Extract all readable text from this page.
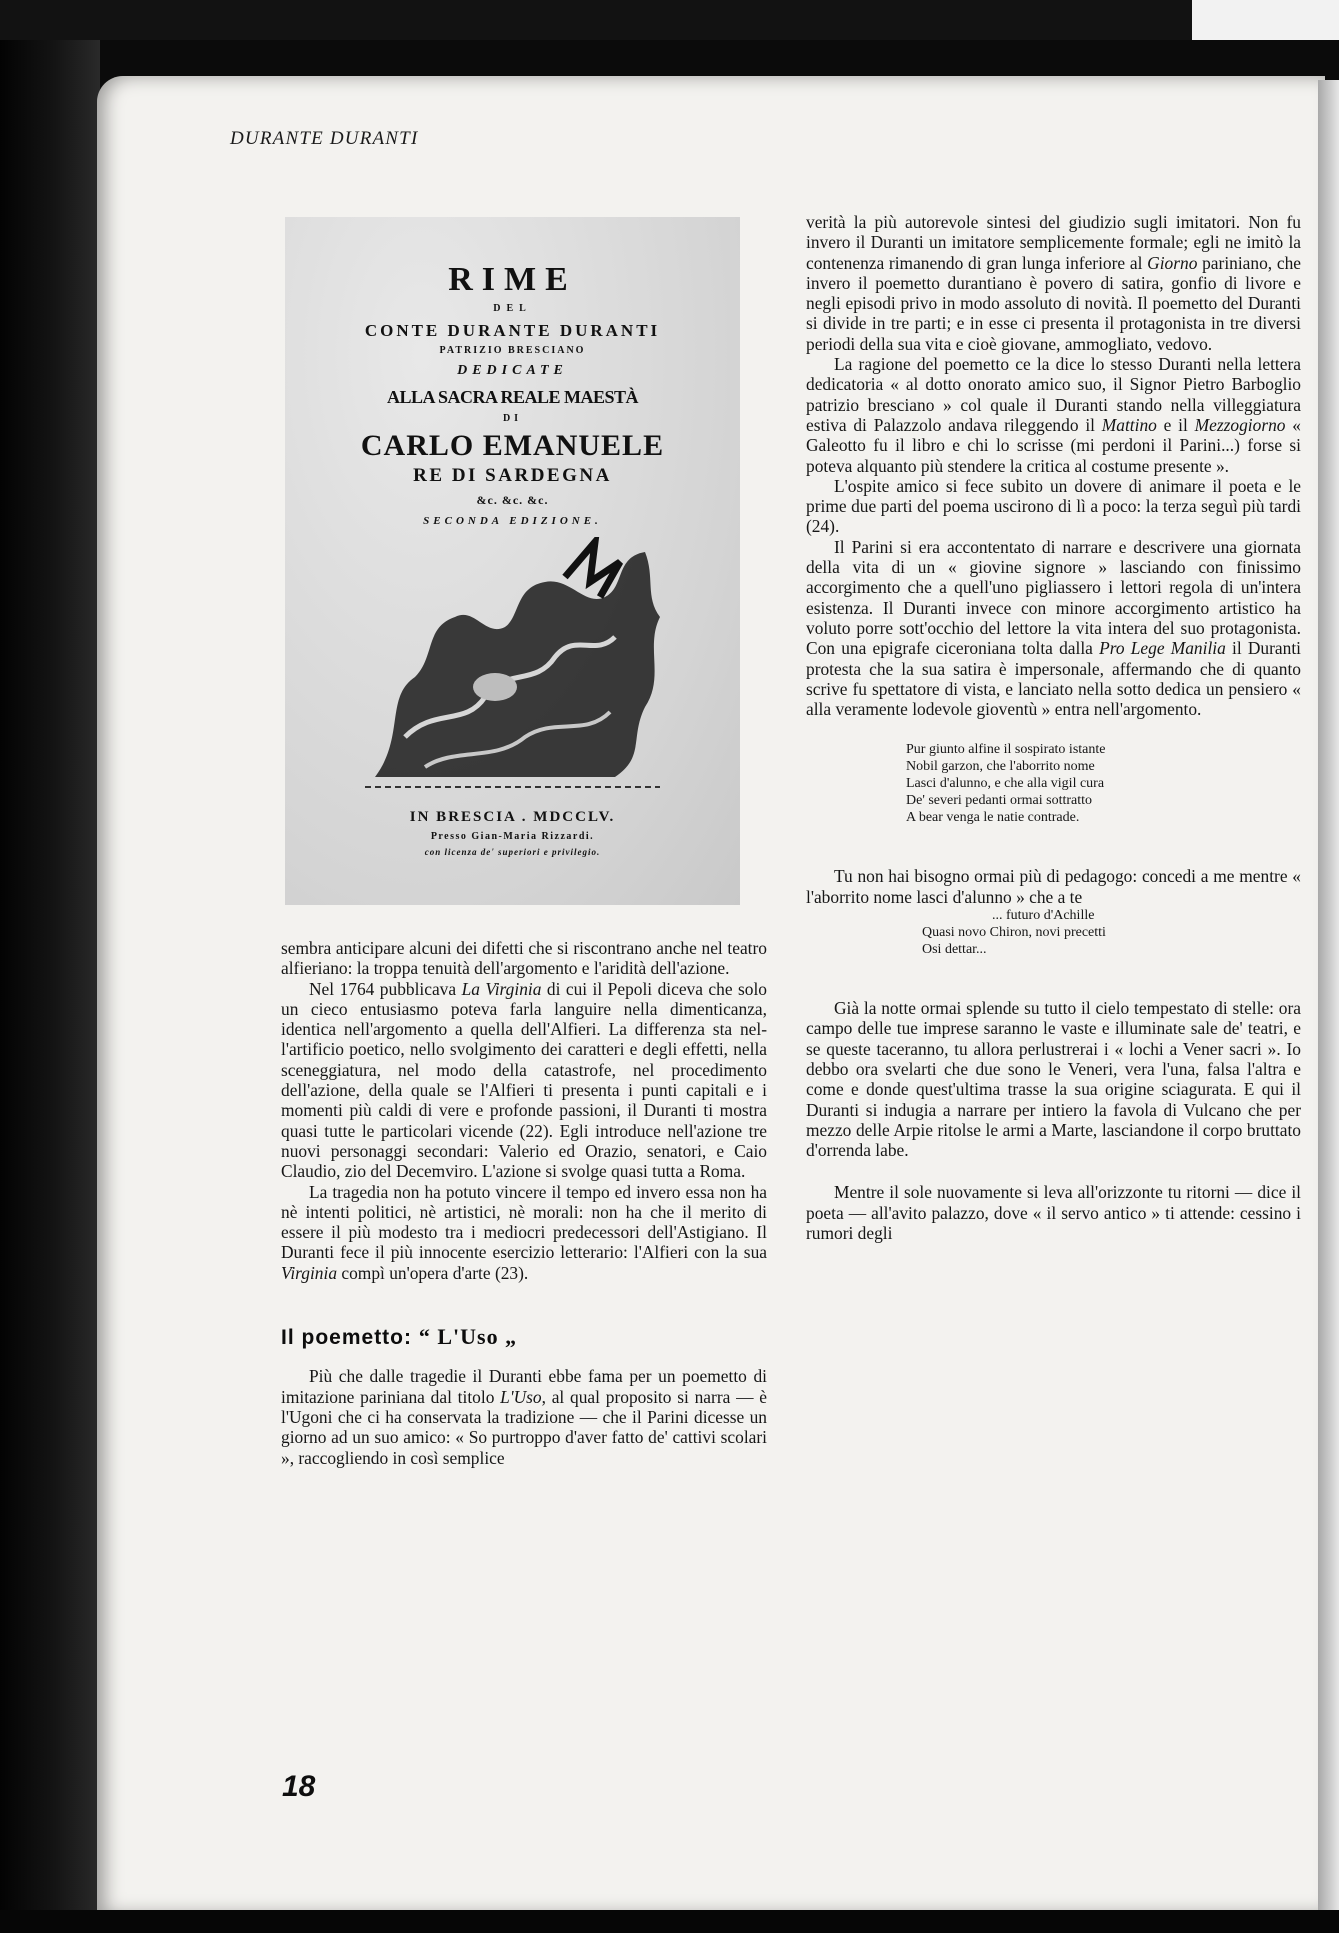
DURANTE DURANTI
RIME
DEL
CONTE DURANTE DURANTI
PATRIZIO BRESCIANO
DEDICATE
ALLA SACRA REALE MAESTÀ
DI
CARLO EMANUELE
RE DI SARDEGNA
&c. &c. &c.
SECONDA EDIZIONE.
IN BRESCIA . MDCCLV.
Presso Gian-Maria Rizzardi.
con licenza de' superiori e privilegio.

sembra anticipare alcuni dei difetti che si riscontrano anche nel teatro alfieriano: la troppa tenuità dell'argomento e l'aridità dell'azione.

Nel 1764 pubblicava La Virginia di cui il Pepoli diceva che solo un cieco entusiasmo poteva farla languire nella dimenticanza, identica nell'argomento a quella dell'Alfieri. La differenza sta nell'artificio poetico, nello svolgimento dei caratteri e degli effetti, nella sceneggiatura, nel modo della catastrofe, nel procedimento dell'azione, della quale se l'Alfieri ti presenta i punti capitali e i momenti più caldi di vere e profonde passioni, il Duranti ti mostra quasi tutte le particolari vicende (22). Egli introduce nell'azione tre nuovi personaggi secondari: Valerio ed Orazio, senatori, e Caio Claudio, zio del Decemviro. L'azione si svolge quasi tutta a Roma.

La tragedia non ha potuto vincere il tempo ed invero essa non ha nè intenti politici, nè artistici, nè morali: non ha che il merito di essere il più modesto tra i mediocri predecessori dell'Astigiano. Il Duranti fece il più innocente esercizio letterario: l'Alfieri con la sua Virginia compì un'opera d'arte (23).

Il poemetto: “ L'Uso „

Più che dalle tragedie il Duranti ebbe fama per un poemetto di imitazione pariniana dal titolo L'Uso, al qual proposito si narra — è l'Ugoni che ci ha conservata la tradizione — che il Parini dicesse un giorno ad un suo amico: « So purtroppo d'aver fatto de' cattivi scolari », raccogliendo in così semplice

verità la più autorevole sintesi del giudizio sugli imitatori. Non fu invero il Duranti un imitatore semplicemente formale; egli ne imitò la contenenza rimanendo di gran lunga inferiore al Giorno pariniano, che invero il poemetto durantiano è povero di satira, gonfio di livore e negli episodi privo in modo assoluto di novità. Il poemetto del Duranti si divide in tre parti; e in esse ci presenta il protagonista in tre diversi periodi della sua vita e cioè giovane, ammogliato, vedovo.

La ragione del poemetto ce la dice lo stesso Duranti nella lettera dedicatoria « al dotto onorato amico suo, il Signor Pietro Barboglio patrizio bresciano » col quale il Duranti stando nella villeggiatura estiva di Palazzolo andava rileggendo il Mattino e il Mezzogiorno « Galeotto fu il libro e chi lo scrisse (mi perdoni il Parini...) forse si poteva alquanto più stendere la critica al costume presente ».

L'ospite amico si fece subito un dovere di animare il poeta e le prime due parti del poema uscirono di lì a poco: la terza seguì più tardi (24).

Il Parini si era accontentato di narrare e descrivere una giornata della vita di un « giovine signore » lasciando con finissimo accorgimento che a quell'uno pigliassero i lettori regola di un'intera esistenza. Il Duranti invece con minore accorgimento artistico ha voluto porre sott'occhio del lettore la vita intera del suo protagonista. Con una epigrafe ciceroniana tolta dalla Pro Lege Manilia il Duranti protesta che la sua satira è impersonale, affermando che di quanto scrive fu spettatore di vista, e lanciato nella sotto dedica un pensiero « alla veramente lodevole gioventù » entra nell'argomento.

Pur giunto alfine il sospirato istante
Nobil garzon, che l'aborrito nome
Lasci d'alunno, e che alla vigil cura
De' severi pedanti ormai sottratto
A bear venga le natie contrade.

Tu non hai bisogno ormai più di pedagogo: concedi a me mentre « l'aborrito nome lasci d'alunno » che a te

... futuro d'Achille
Quasi novo Chiron, novi precetti
Osi dettar...

Già la notte ormai splende su tutto il cielo tempestato di stelle: ora campo delle tue imprese saranno le vaste e illuminate sale de' teatri, e se queste taceranno, tu allora perlustrerai i « lochi a Vener sacri ». Io debbo ora svelarti che due sono le Veneri, vera l'una, falsa l'altra e come e donde quest'ultima trasse la sua origine sciagurata. E qui il Duranti si indugia a narrare per intiero la favola di Vulcano che per mezzo delle Arpie ritolse le armi a Marte, lasciandone il corpo bruttato d'orrenda labe.

Mentre il sole nuovamente si leva all'orizzonte tu ritorni — dice il poeta — all'avito palazzo, dove « il servo antico » ti attende: cessino i rumori degli

18
